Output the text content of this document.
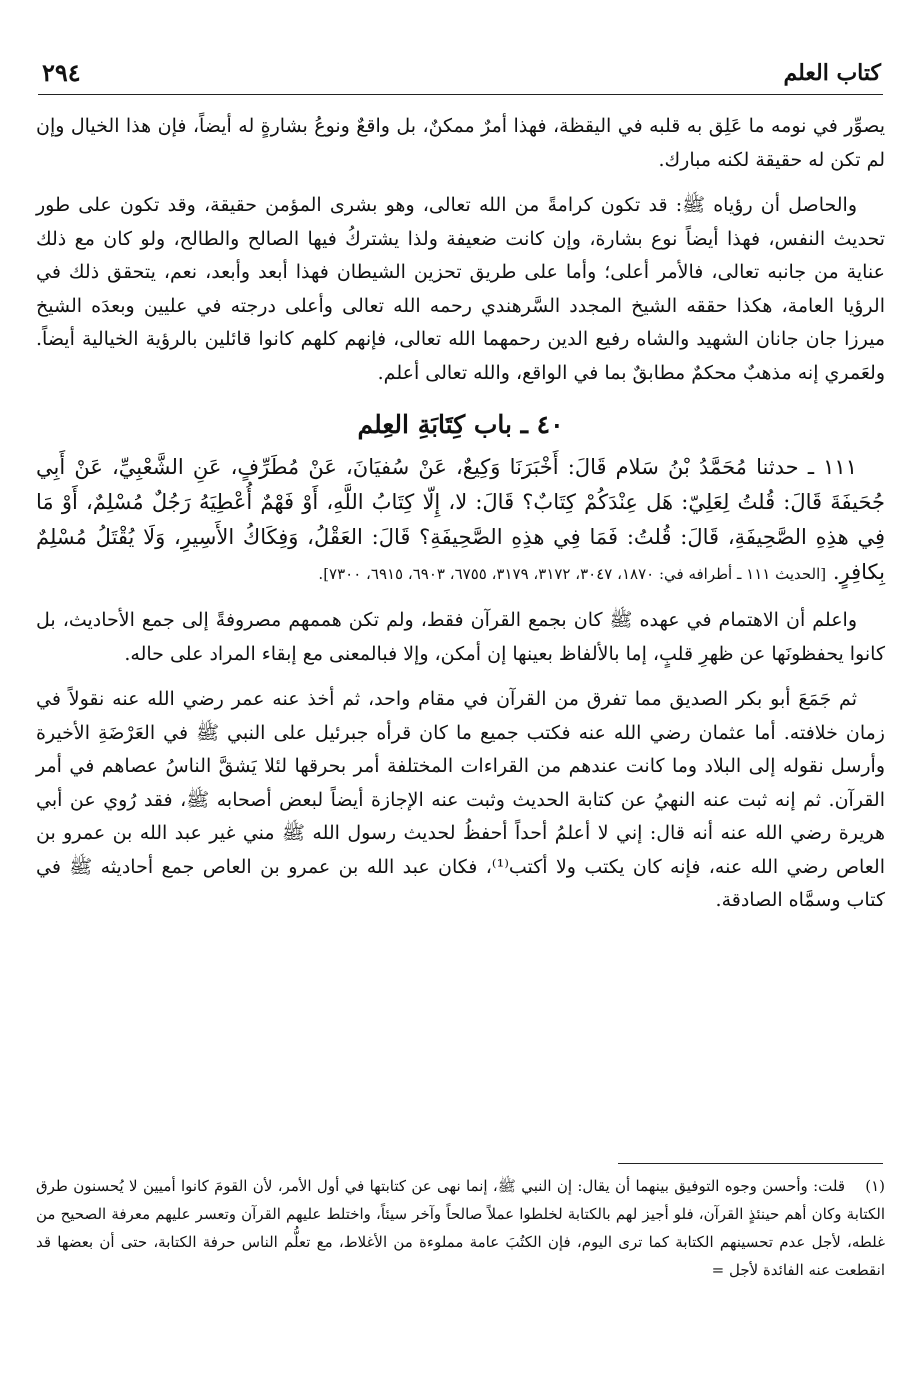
كتاب العلم
٢٩٤

يصوِّر في نومه ما عَلِق به قلبه في اليقظة، فهذا أمرٌ ممكنٌ، بل واقعٌ ونوعُ بشارةٍ له أيضاً، فإن هذا الخيال وإن لم تكن له حقيقة لكنه مبارك.

والحاصل أن رؤياه ﷺ: قد تكون كرامةً من الله تعالى، وهو بشرى المؤمن حقيقة، وقد تكون على طور تحديث النفس، فهذا أيضاً نوع بشارة، وإن كانت ضعيفة ولذا يشتركُ فيها الصالح والطالح، ولو كان مع ذلك عناية من جانبه تعالى، فالأمر أعلى؛ وأما على طريق تحزين الشيطان فهذا أبعد وأبعد، نعم، يتحقق ذلك في الرؤيا العامة، هكذا حققه الشيخ المجدد السَّرهندي رحمه الله تعالى وأعلى درجته في عليين وبعدَه الشيخ ميرزا جان جانان الشهيد والشاه رفيع الدين رحمهما الله تعالى، فإنهم كلهم كانوا قائلين بالرؤية الخيالية أيضاً. ولعَمري إنه مذهبٌ محكمٌ مطابقٌ بما في الواقع، والله تعالى أعلم.

٤٠ ـ باب كِتَابَةِ العِلم

١١١ ـ حدثنا مُحَمَّدُ بْنُ سَلام قَالَ: أَخْبَرَنَا وَكِيعٌ، عَنْ سُفيَانَ، عَنْ مُطَرِّفٍ، عَنِ الشَّعْبِيِّ، عَنْ أَبِي جُحَيفَةَ قَالَ: قُلتُ لِعَلِيّ: هَل عِنْدَكُمْ كِتَابٌ؟ قَالَ: لا، إِلّا كِتَابُ اللَّهِ، أَوْ فَهْمٌ أُعْطِيَهُ رَجُلٌ مُسْلِمٌ، أَوْ مَا فِي هذِهِ الصَّحِيفَةِ، قَالَ: قُلتُ: فَمَا فِي هذِهِ الصَّحِيفَةِ؟ قَالَ: العَقْلُ، وَفِكَاكُ الأَسِيرِ، وَلَا يُقْتَلُ مُسْلِمٌ بِكافِرٍ. [الحديث ١١١ ـ أطرافه في: ١٨٧٠، ٣٠٤٧، ٣١٧٢، ٣١٧٩، ٦٧٥٥، ٦٩٠٣، ٦٩١٥، ٧٣٠٠].

واعلم أن الاهتمام في عهده ﷺ كان بجمع القرآن فقط، ولم تكن هممهم مصروفةً إلى جمع الأحاديث، بل كانوا يحفظونَها عن ظهرِ قلبٍ، إما بالألفاظ بعينها إن أمكن، وإلا فبالمعنى مع إبقاء المراد على حاله.

ثم جَمَعَ أبو بكر الصديق مما تفرق من القرآن في مقام واحد، ثم أخذ عنه عمر رضي الله عنه نقولاً في زمان خلافته. أما عثمان رضي الله عنه فكتب جميع ما كان قرأه جبرئيل على النبي ﷺ في العَرْضَةِ الأخيرة وأرسل نقوله إلى البلاد وما كانت عندهم من القراءات المختلفة أمر بحرقها لئلا يَشقَّ الناسُ عصاهم في أمر القرآن. ثم إنه ثبت عنه النهيُ عن كتابة الحديث وثبت عنه الإجازة أيضاً لبعض أصحابه ﷺ، فقد رُوي عن أبي هريرة رضي الله عنه أنه قال: إني لا أعلمُ أحداً أحفظُ لحديث رسول الله ﷺ مني غير عبد الله بن عمرو بن العاص رضي الله عنه، فإنه كان يكتب ولا أكتب⁽¹⁾، فكان عبد الله بن عمرو بن العاص جمع أحاديثه ﷺ في كتاب وسمَّاه الصادقة.

(١)قلت: وأحسن وجوه التوفيق بينهما أن يقال: إن النبي ﷺ، إنما نهى عن كتابتها في أول الأمر، لأن القومَ كانوا أميين لا يُحسنون طرق الكتابة وكان أهم حينئذٍ القرآن، فلو أجيز لهم بالكتابة لخلطوا عملاً صالحاً وآخر سيئاً، واختلط عليهم القرآن وتعسر عليهم معرفة الصحيح من غلطه، لأجل عدم تحسينهم الكتابة كما ترى اليوم، فإن الكتُبَ عامة مملوءة من الأغلاط، مع تعلُّم الناس حرفة الكتابة، حتى أن بعضها قد انقطعت عنه الفائدة لأجل =
